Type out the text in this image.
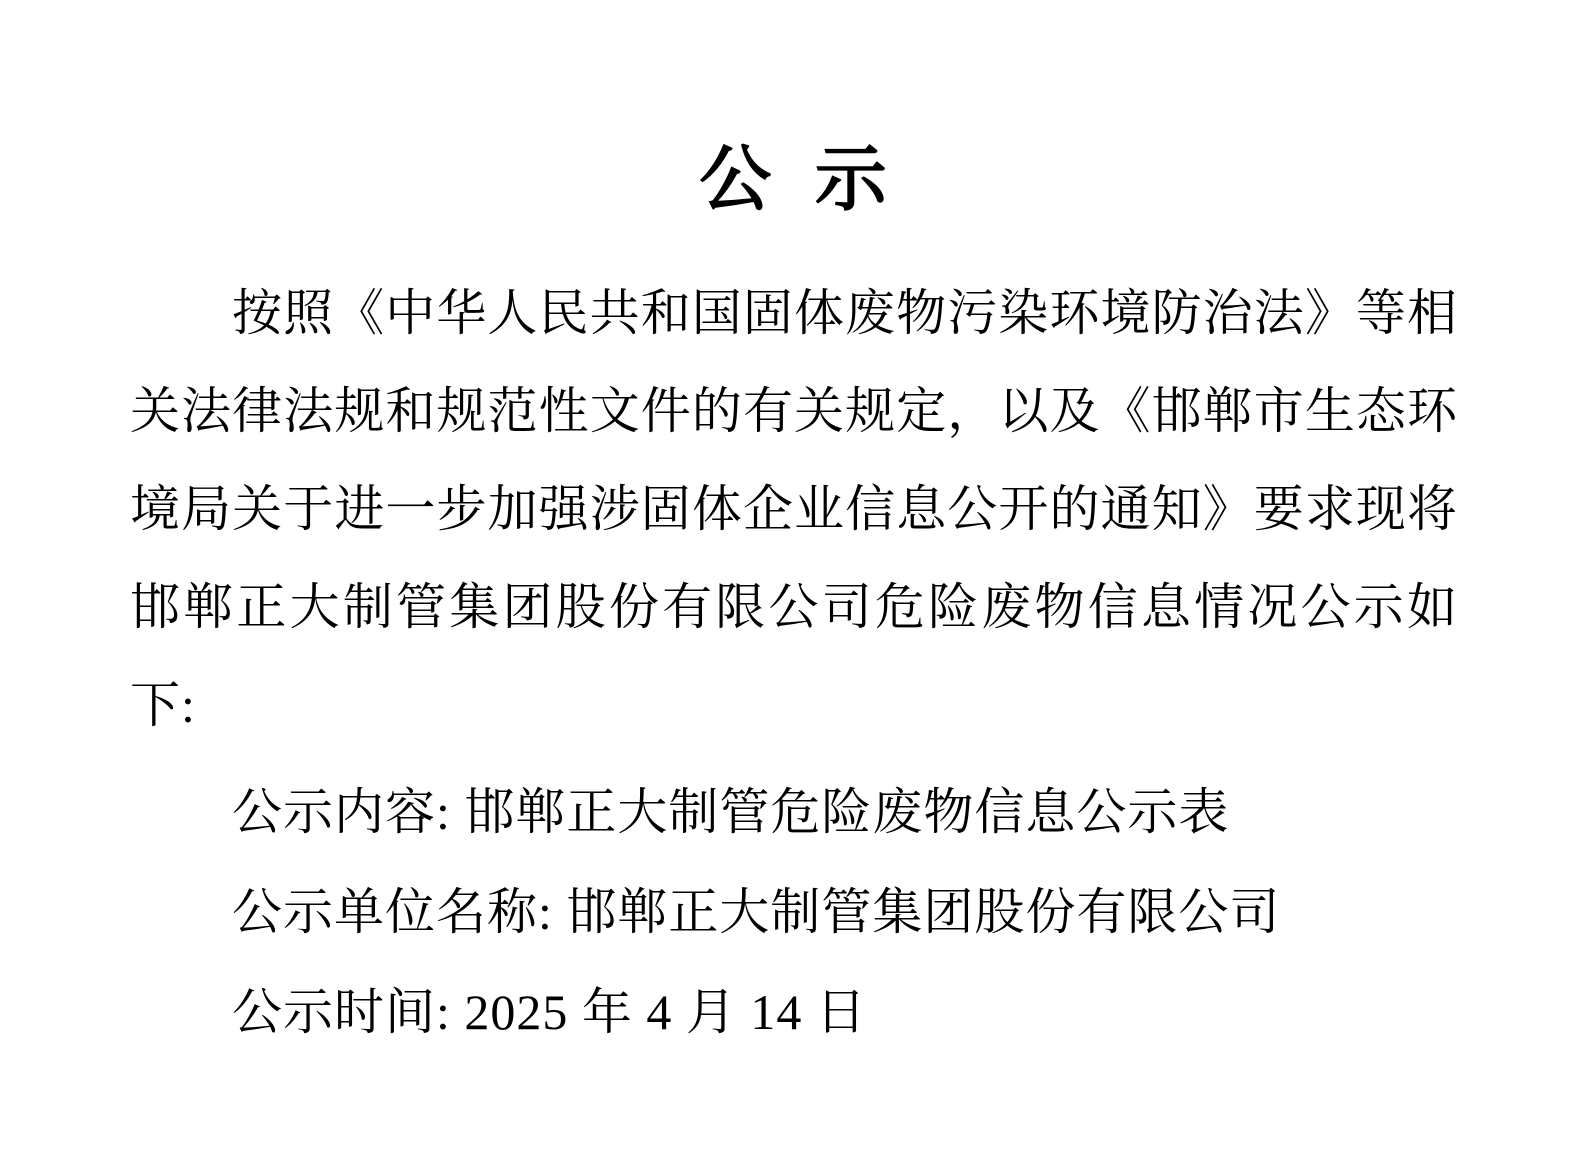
公 示
按照《中华人民共和国固体废物污染环境防治法》等相
关法律法规和规范性文件的有关规定，以及《邯郸市生态环
境局关于进一步加强涉固体企业信息公开的通知》要求现将
邯郸正大制管集团股份有限公司危险废物信息情况公示如
下:
公示内容: 邯郸正大制管危险废物信息公示表
公示单位名称: 邯郸正大制管集团股份有限公司
公示时间: 2025 年 4 月 14 日
